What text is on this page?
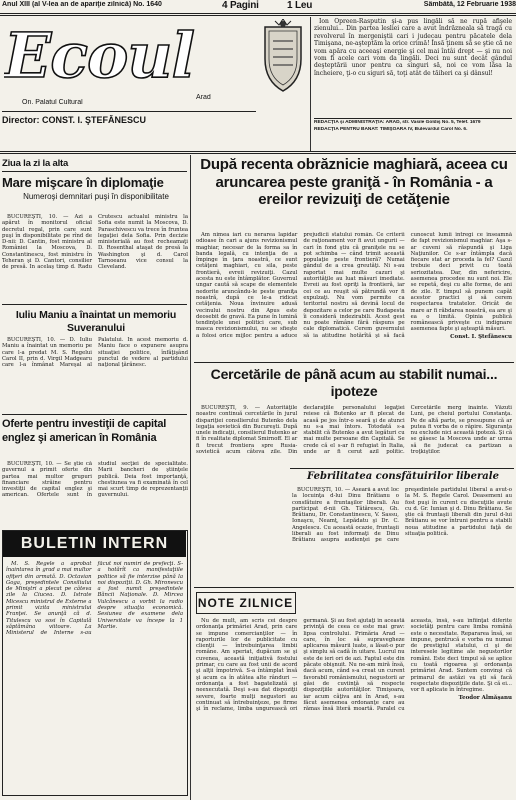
Anul XIII (al V-lea an de apariţie zilnică) No. 1640	4 Pagini	1 Leu	Sâmbătă, 12 Februarie 1938
Ecoul
On. Palatul Cultural
Arad
Director: CONST. I. ŞTEFĂNESCU

Ion Opreen-Rasputin şi-a pus lingăli să ne rupă afişele zienului... Din partea lesliei care a avut îndrăzneala să tragă cu revolverul în mergeniştii cari i judecau pentru păcatele dela Timişana, ne-aşteptăm la orice crimă! Însă ţinem să se ştie că ne vom apăra cu aceeaşi energie şi cel mai întâi drept — şi nu noi vom fi acele cari vom da lingăli. Deci nu sunt decât gândul deşteptării unor pentru ca singuri să, noi ce vom lăsa la încheiere, ţi-o cu siguri să, toţi atât de tăiheri ca şi dânsul!

REDACŢIA şi ADMINISTRAŢIA: ARAD, str. Vasile Goldiş No. 5, Telef. 1679
REDACŢIA PENTRU BANAT: TIMIŞOARA IV, Bulevardul Carol No. 6.
Ziua la zi la alta
Mare mişcare în diplomaţie
Numeroşi demnitari puşi în disponibilitate

BUCUREŞTI, 10. — Azi a apărut în monitorul oficial decretul regal, prin care sunt puşi în disponibilitate pe rînd de D-nii: D. Cantin, fost ministru al României la Moscova, D. Constantinescu, fost ministru în Teheran şi D. Cantori, consilier de presă. In acelaş timp d. Radu Crutescu actualul ministru la Sofia este numit la Moscova, D. Paraschivescu va trece în fruntea legaţiei dela Sofia. Prin decizie ministerială au fost recheamaţi D. Rosenthal ataşat de presă la Washington şi d. Carol Tarnoeanu vice consul la Cleveland.

Iuliu Maniu a înaintat un memoriu Suveranului

BUCUREŞTI, 10. — D. Iuliu Maniu a înaintat un memoriu pe care l-a predat M. S. Regelui Carol II, prin d. Virgil Madgearu care l-a înmânat Mareşal al Palatului. In acest memoriu d. Maniu face o expunere asupra situaţiei politice, înfăţişând punctul de vedere al partidului naţional ţărănesc.

Oferte pentru investiţii de capital englez şi american în România

BUCUREŞTI, 10. — Se ştie că guvernul a primit oferte din partea mai multor grupuri financiare străine pentru investiţii de capital englez şi american. Ofertele sunt în studiul secţiei de specialitate. Marii bancheri de ştiinţele publică. Deia fost importanţă, chestiunea va fi examinată în cel mai scurt timp de reprezentanţii guvernului.

BULETIN INTERN

M. S. Regele a aprobat înaintarea în grad a mai multor ofiţeri din armată. D. Octavian Goga, preşedintele Consiliului de Miniştri a plecat pe câteva zile la Ciucea. D. Istrate Micescu ministrul de Externe a primit vizita ministrului Franţei. Se anunţă că d. Titulescu va sosi în Capitală săptămâna viitoare. La Ministerul de Interne s-au făcut noi numiri de prefecţi. S-a hotărît ca manifestaţiile politice să fie interzise până la noi dispoziţii. D. Gh. Mironescu a fost numit preşedintele Băncii Naţionale. D. Mircea Vulcănescu a vorbit la radio despre situaţia economică. Sesiunea de examene dela Universitate va începe la 1 Martie.

După recenta obrăznicie maghiară, aceea cu aruncarea peste graniţă - în România - a ereilor revizuiţi de cetăţenie

Am nimea iari cu nerarea lapidar odioase în cari a ajuns revizionismul maghiar, necesar de la forma sa în banda legală, cu intenţia de a împinge în ţara noastră, ce sunt cetăţeni maghiari, cu sila, peste frontieră, evreii revizuiţi. Cazul acesta nu este întâmplător. Guvernul ungar caută să scape de elementele nedorite aruncându-le peste graniţa noastră, după ce le-a ridicat cetăţenia. Noua învinuire adusă vecinului nostru din Apus este deosebit de gravă. Ea pune în lumină tendinţele unei politici care, sub masca revizionismului, nu se sfieşte a folosi orice mijloc pentru a aduce prejudicii statului român. Ce criterii de raţionament vor fi avut ungurii — cari în fond ştiu că graniţele nu se pot schimba — când trimit această populaţie peste frontieră? Numai gândul de a crea greutăţi. Ni s-au raportat mai multe cazuri şi autorităţile au luat măsuri imediate. Evreii au fost opriţi la frontieră, iar cei ce au reuşit să pătrundă vor fi expulzaţi. Nu vom permite ca teritoriul nostru să devină locul de depozitare a celor pe care Budapesta îi consideră indezirabili. Acest gest nu poate rămâne fără răspuns pe cale diplomatică. Cerem guvernului să ia atitudine hotărîtă şi să facă cunoscut lumii întregi ce înseamnă de fapt revizionismul maghiar. Aşa s-ar cuveni să răspundă şi Liga Naţiunilor. Ce s-ar întâmpla dacă fiecare stat ar proceda la fel? Cazul trebuie deci privit cu toată seriozitatea. Dar, din nefericire, asemenea procedee nu sunt noi. Ele se repetă, deşi cu alte forme, de ani de zile. E timpul să punem capăt acestor practici şi să cerem respectarea tratatelor. Oricât de mare ar fi răbdarea noastră, ea are şi ea o limită. Opinia publică românească priveşte cu indignare asemenea fapte şi aşteaptă măsuri.

Const. I. Ştefănescu

Cercetările de până acum au stabilit numai... ipoteze

BUCUREŞTI, 9. — Autorităţile noastre continuă cercetările în jurul dispariţiei consilierului Butenko dela legaţia sovietică din Bucureşti. După unele indicaţii, consilierul Butenko ar fi în realitate diplomat Smirnoff. El ar fi trecut frontiera spre Rusia-sovietică acum câteva zile. Din declaraţiile personalului legaţiei reiese că Butenko ar fi plecat de acasă pe jos într-o seară şi de atunci nu s-a mai întors. Totodată s-a stabilit că Butenko a avut legături cu mai multe persoane din Capitală. Se crede că el s-ar fi refugiat în Italia, unde ar fi cerut azil politic. Cercetările merg înainte. Văzuti Luni, pe cheiul portului Constanţa. Pe de altă parte, se presupune că ar putea fi vorba de o răpire. Siguranţa nu exclude nici această ipoteză. Şi că se găsesc la Moscova unde ar urma să fie judecat ca partizan a troţkiştilor.

Febrilitatea consfătuirilor liberale

BUCUREŞTI, 10. — Aseară a avut loc la locuinţa d-lui Dinu Brătianu o consfătuire a fruntaşilor liberali. Au participat d-nii Gh. Tătărescu, Gh. Brătianu, Dr. Constantinescu, V. Sassu, Ionaşcu, Neamţ, Lepădatu şi Dr. C. Angelescu. Cu această ocazie, fruntaşii liberali au fost informaţi de Dinu Brătianu asupra audienţei pe care preşedintele partidului liberal a avut-o la M. S. Regele Carol. Deasemeni au fost puşi în curent cu discuţiile avute cu d. Gr. Iunian şi d. Dinu Brătianu. Se ştie că fruntaşii liberali din jurul d-lui Brătianu se vor întruni pentru a stabili noua atitudine a partidului faţă de situaţia politică.

NOTE ZILNICE

Nu de mult, am scris cei despre ordonanţa primăriei Arad, prin care se impune comercianţilor — în raporturile lor de publicitate cu clienţii — întrebuinţarea limbii române. Am speriat, dupăcum se şi cuvenea, această iniţiativă fostului primar, cu care au fost unii de acord şi alţii împotrivă. S-a întâmplat însă şi acum ca în atâtea alte rânduri — ordonanţa a fost bagatelizată şi neexecutată. Deşi s-au dat dispoziţii severe, foarte mulţi negustori au continuat să întrebuinţeze, pe firme şi în reclame, limba ungurească ori germană. Şi au fost ajutaţi în această privinţă de ceea ce este mai grav: lipsa controlului. Primăria Arad — care, în loc să supravegheze aplicarea măsurii luate, a lăsat-o pur şi simplu să cadă în uitare. Lucrul nu este de ieri ori de azi. Faptul este din păcate obişnuit. Nu ne-am miră însă, dacă acum, când s-a creat un curent favorabil românismului, negustorii ar găsi de cuviinţă să respecte dispoziţiile autorităţilor. Timişoara, iar acum câţiva ani în Arad, s-au făcut asemenea ordonanţe care au rămas însă literă moartă. Paralel cu aceasta, însă, s-au înfiinţat diferite societăţi pentru care limba română este o necesitate. Repararea însă, se impune, pentrucă e vorba nu numai de prestigiul statului, ci şi de interesele legitime ale negustorilor români. Este deci timpul să se aplice cu toată rigoarea şi ordonanţa primăriei Arad. Suntem convinşi că primarul de astăzi va şti să facă respectate dispoziţiile date. Şi că ei... vor fi aplicate în întregime.

Teodor Almăşanu
